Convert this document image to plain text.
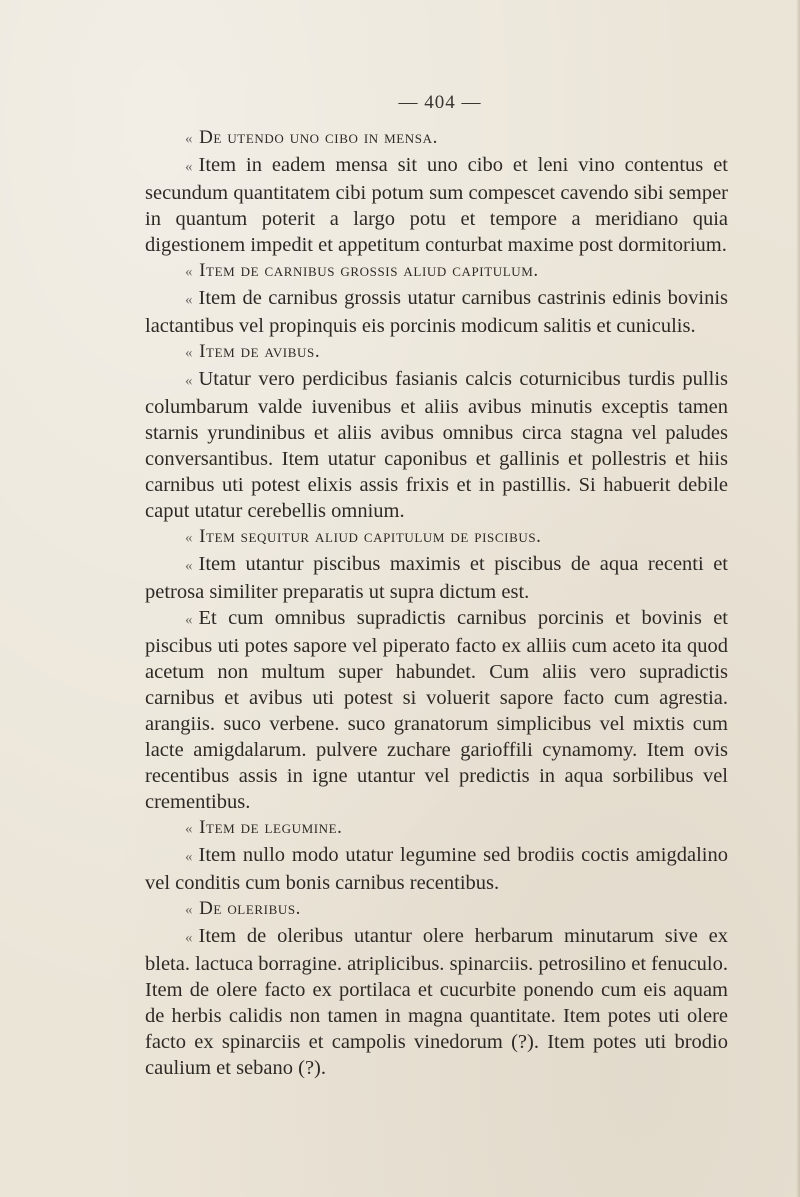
— 404 —

« De utendo uno cibo in mensa.

« Item in eadem mensa sit uno cibo et leni vino contentus et secundum quantitatem cibi potum sum compescet cavendo sibi semper in quantum poterit a largo potu et tempore a meridiano quia digestionem impedit et appetitum conturbat maxime post dormitorium.

« Item de carnibus grossis aliud capitulum.

« Item de carnibus grossis utatur carnibus castrinis edinis bovinis lactantibus vel propinquis eis porcinis modicum salitis et cuniculis.

« Item de avibus.

« Utatur vero perdicibus fasianis calcis coturnicibus turdis pullis columbarum valde iuvenibus et aliis avibus minutis exceptis tamen starnis yrundinibus et aliis avibus omnibus circa stagna vel paludes conversantibus. Item utatur caponibus et gallinis et pollestris et hiis carnibus uti potest elixis assis frixis et in pastillis. Si habuerit debile caput utatur cerebellis omnium.

« Item sequitur aliud capitulum de piscibus.

« Item utantur piscibus maximis et piscibus de aqua recenti et petrosa similiter preparatis ut supra dictum est.

« Et cum omnibus supradictis carnibus porcinis et bovinis et piscibus uti potes sapore vel piperato facto ex alliis cum aceto ita quod acetum non multum super habundet. Cum aliis vero supradictis carnibus et avibus uti potest si voluerit sapore facto cum agrestia. arangiis. suco verbene. suco granatorum simplicibus vel mixtis cum lacte amigdalarum. pulvere zuchare garioffili cynamomy. Item ovis recentibus assis in igne utantur vel predictis in aqua sorbilibus vel crementibus.

« Item de legumine.

« Item nullo modo utatur legumine sed brodiis coctis amigdalino vel conditis cum bonis carnibus recentibus.

« De oleribus.

« Item de oleribus utantur olere herbarum minutarum sive ex bleta. lactuca borragine. atriplicibus. spinarciis. petrosilino et fenuculo. Item de olere facto ex portilaca et cucurbite ponendo cum eis aquam de herbis calidis non tamen in magna quantitate. Item potes uti olere facto ex spinarciis et campolis vinedorum (?). Item potes uti brodio caulium et sebano (?).
